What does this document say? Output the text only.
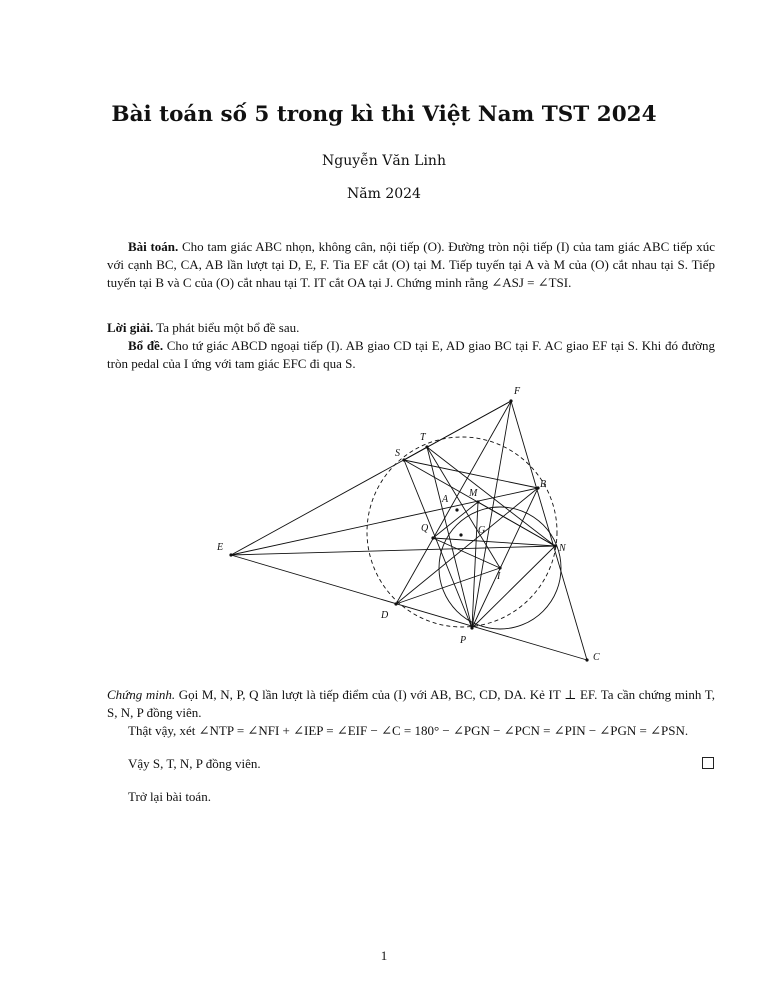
Bài toán số 5 trong kì thi Việt Nam TST 2024
Nguyễn Văn Linh
Năm 2024
Bài toán. Cho tam giác ABC nhọn, không cân, nội tiếp (O). Đường tròn nội tiếp (I) của tam giác ABC tiếp xúc với cạnh BC, CA, AB lần lượt tại D, E, F. Tia EF cắt (O) tại M. Tiếp tuyến tại A và M của (O) cắt nhau tại S. Tiếp tuyến tại B và C của (O) cắt nhau tại T. IT cắt OA tại J. Chứng minh rằng ∠ASJ = ∠TSI.
Lời giải. Ta phát biểu một bổ đề sau.
Bổ đề. Cho tứ giác ABCD ngoại tiếp (I). AB giao CD tại E, AD giao BC tại F. AC giao EF tại S. Khi đó đường tròn pedal của I ứng với tam giác EFC đi qua S.
F
T
S
B
M
A
Q	G
E	N
I
D
P
C
Chứng minh. Gọi M, N, P, Q lần lượt là tiếp điểm của (I) với AB, BC, CD, DA. Kẻ IT ⊥ EF. Ta cần chứng minh T, S, N, P đồng viên.
Thật vậy, xét ∠NTP = ∠NFI + ∠IEP = ∠EIF − ∠C = 180° − ∠PGN − ∠PCN = ∠PIN − ∠PGN = ∠PSN.
Vậy S, T, N, P đồng viên.
Trở lại bài toán.
1
